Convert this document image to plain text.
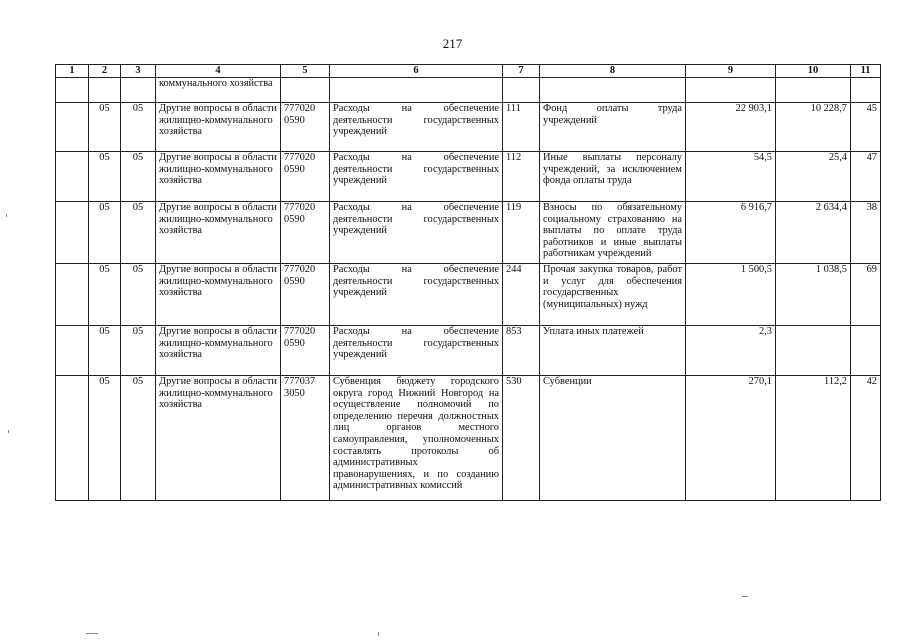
217
1	2	3	4	5	6	7	8	9	10	11
			коммунального хозяйства							
	05	05	Другие вопросы в области жилищно-коммунального хозяйства	777020 0590	Расходы на обеспечение деятельности государственных учреждений	111	Фонд оплаты труда учреждений	22 903,1	10 228,7	45
	05	05	Другие вопросы в области жилищно-коммунального хозяйства	777020 0590	Расходы на обеспечение деятельности государственных учреждений	112	Иные выплаты персоналу учреждений, за исключением фонда оплаты труда	54,5	25,4	47
	05	05	Другие вопросы в области жилищно-коммунального хозяйства	777020 0590	Расходы на обеспечение деятельности государственных учреждений	119	Взносы по обязательному социальному страхованию на выплаты по оплате труда работников и иные выплаты работникам учреждений	6 916,7	2 634,4	38
	05	05	Другие вопросы в области жилищно-коммунального хозяйства	777020 0590	Расходы на обеспечение деятельности государственных учреждений	244	Прочая закупка товаров, работ и услуг для обеспечения государственных (муниципальных) нужд	1 500,5	1 038,5	69
	05	05	Другие вопросы в области жилищно-коммунального хозяйства	777020 0590	Расходы на обеспечение деятельности государственных учреждений	853	Уплата иных платежей	2,3		
	05	05	Другие вопросы в области жилищно-коммунального хозяйства	777037 3050	Субвенция бюджету городского округа город Нижний Новгород на осуществление полномочий по определению перечня должностных лиц органов местного самоуправления, уполномоченных составлять протоколы об административных правонарушениях, и по созданию административных комиссий	530	Субвенции	270,1	112,2	42
